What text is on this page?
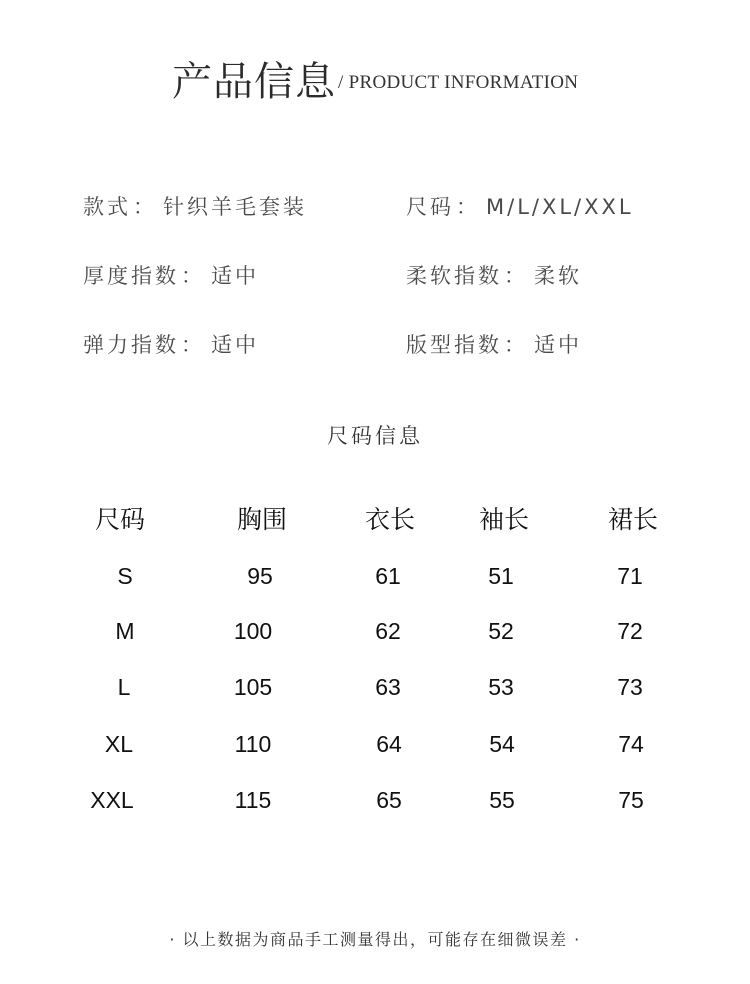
产品信息 / PRODUCT INFORMATION
款式： 针织羊毛套装	尺码： M/L/XL/XXL
厚度指数： 适中	柔软指数： 柔软
弹力指数： 适中	版型指数： 适中
尺码信息
尺码	胸围	衣长	袖长	裙长
S	95	61	51	71
M	100	62	52	72
L	105	63	53	73
XL	110	64	54	74
XXL	115	65	55	75
· 以上数据为商品手工测量得出，可能存在细微误差 ·
